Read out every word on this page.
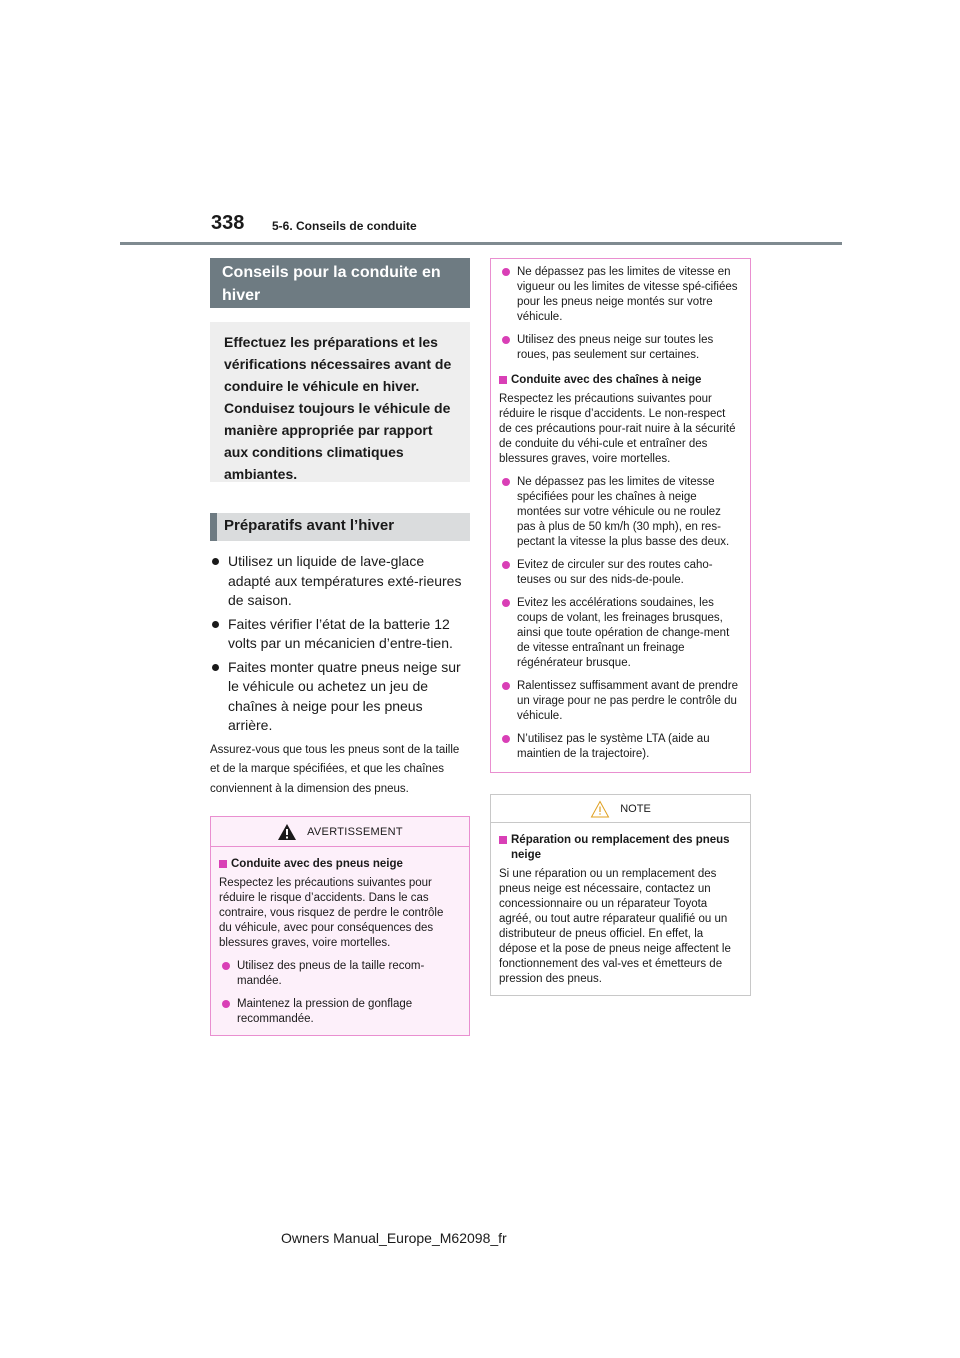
338 5-6. Conseils de conduite
Conseils pour la conduite en hiver
Effectuez les préparations et les vérifications nécessaires avant de conduire le véhicule en hiver. Conduisez toujours le véhicule de manière appropriée par rapport aux conditions climatiques ambiantes.
Préparatifs avant l’hiver
Utilisez un liquide de lave-glace adapté aux températures exté-rieures de saison.
Faites vérifier l’état de la batterie 12 volts par un mécanicien d’entre-tien.
Faites monter quatre pneus neige sur le véhicule ou achetez un jeu de chaînes à neige pour les pneus arrière.

Assurez-vous que tous les pneus sont de la taille et de la marque spécifiées, et que les chaînes conviennent à la dimension des pneus.

AVERTISSEMENT
Conduite avec des pneus neige
Respectez les précautions suivantes pour réduire le risque d’accidents. Dans le cas contraire, vous risquez de perdre le contrôle du véhicule, avec pour conséquences des blessures graves, voire mortelles.
Utilisez des pneus de la taille recom-mandée.
Maintenez la pression de gonflage recommandée.
Ne dépassez pas les limites de vitesse en vigueur ou les limites de vitesse spé-cifiées pour les pneus neige montés sur votre véhicule.
Utilisez des pneus neige sur toutes les roues, pas seulement sur certaines.
Conduite avec des chaînes à neige
Respectez les précautions suivantes pour réduire le risque d’accidents. Le non-respect de ces précautions pour-rait nuire à la sécurité de conduite du véhi-cule et entraîner des blessures graves, voire mortelles.
Ne dépassez pas les limites de vitesse spécifiées pour les chaînes à neige montées sur votre véhicule ou ne roulez pas à plus de 50 km/h (30 mph), en res-pectant la vitesse la plus basse des deux.
Evitez de circuler sur des routes caho-teuses ou sur des nids-de-poule.
Evitez les accélérations soudaines, les coups de volant, les freinages brusques, ainsi que toute opération de change-ment de vitesse entraînant un freinage régénérateur brusque.
Ralentissez suffisamment avant de prendre un virage pour ne pas perdre le contrôle du véhicule.
N’utilisez pas le système LTA (aide au maintien de la trajectoire).
NOTE
Réparation ou remplacement des pneus neige
Si une réparation ou un remplacement des pneus neige est nécessaire, contactez un concessionnaire ou un réparateur Toyota agréé, ou tout autre réparateur qualifié ou un distributeur de pneus officiel. En effet, la dépose et la pose de pneus neige affectent le fonctionnement des val-ves et émetteurs de pression des pneus.
Owners Manual_Europe_M62098_fr
